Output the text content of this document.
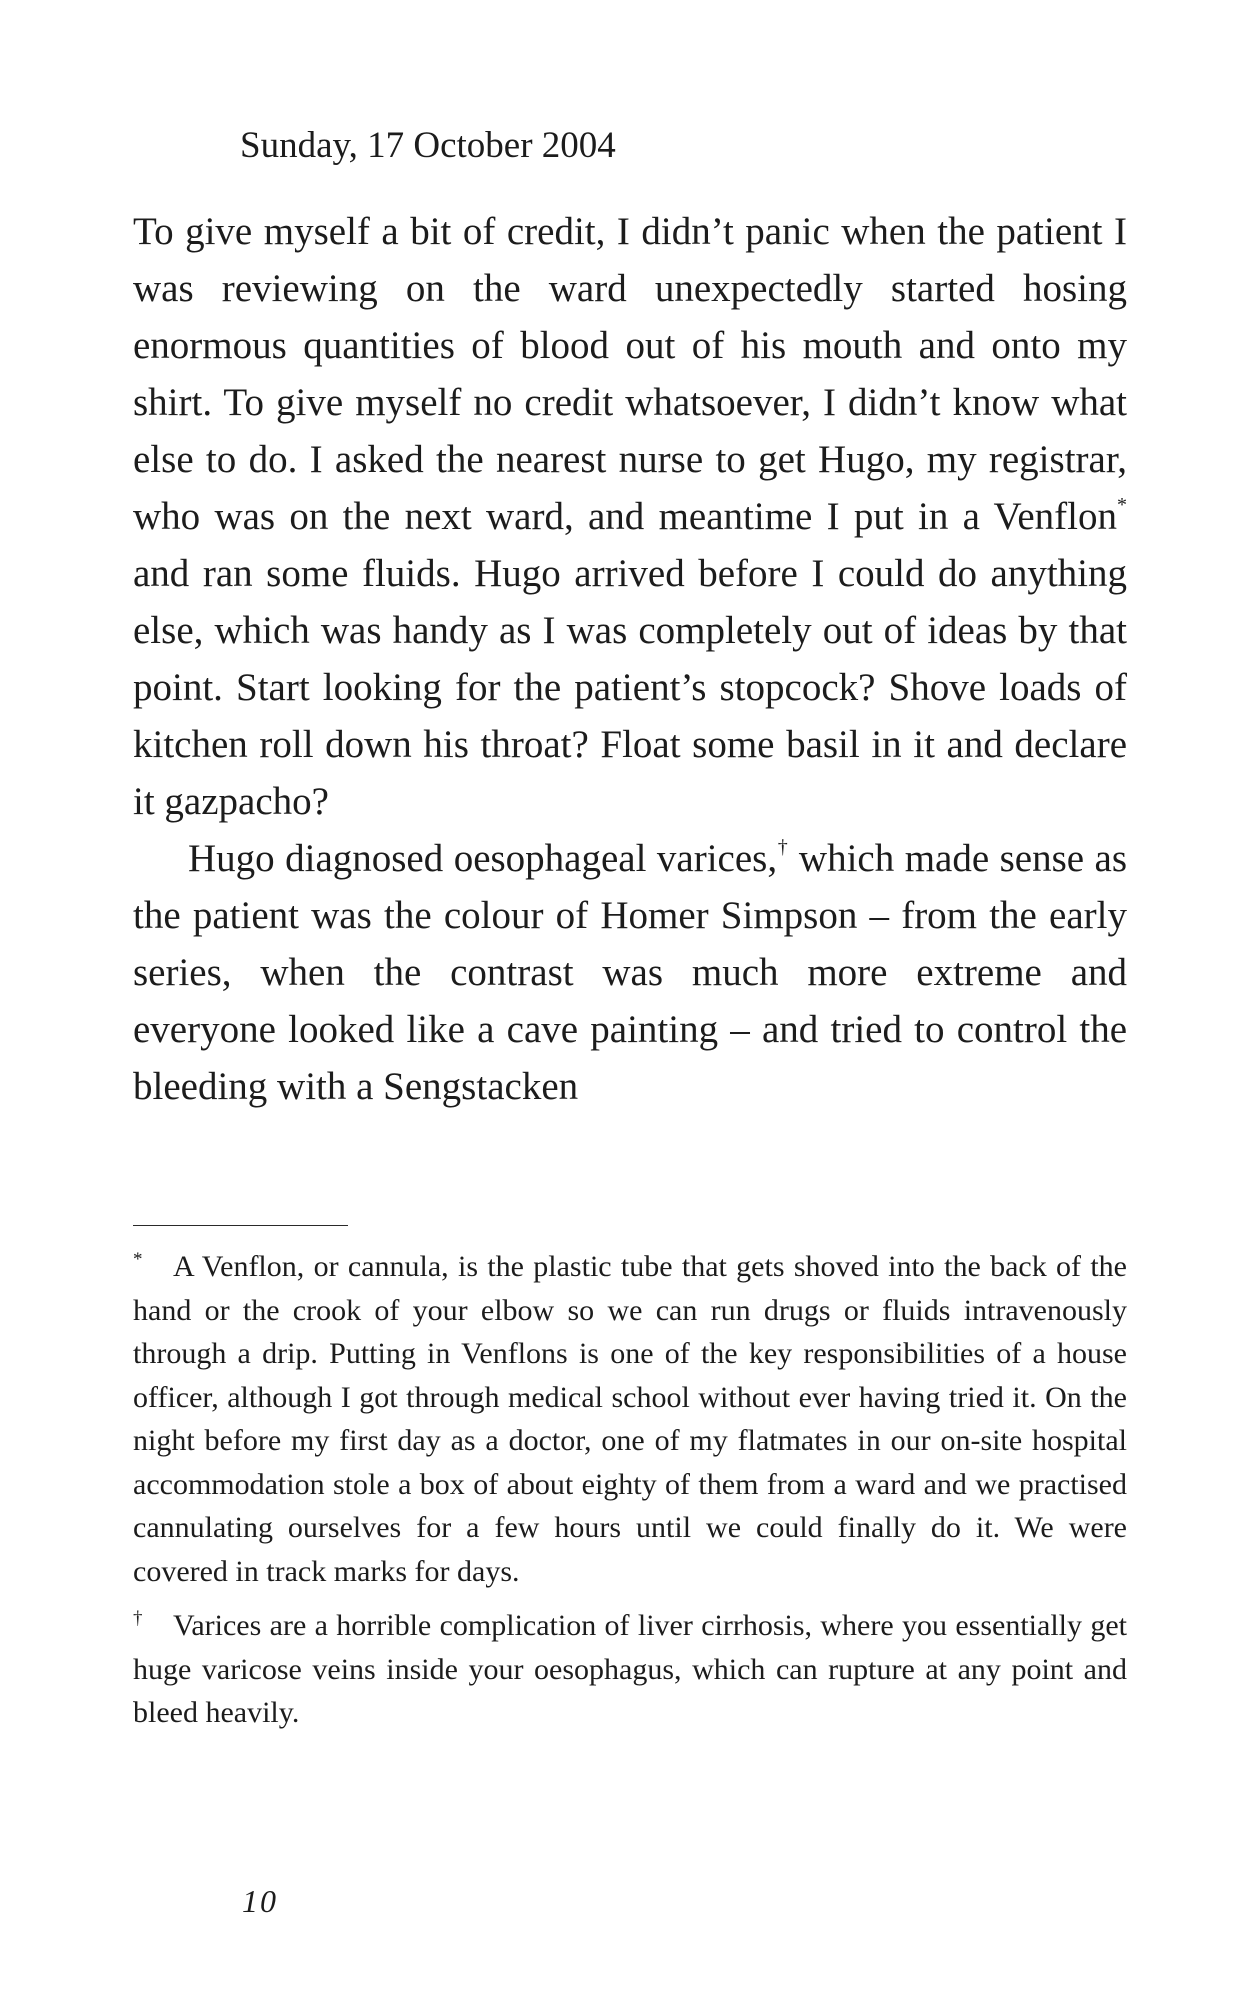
Sunday, 17 October 2004

To give myself a bit of credit, I didn’t panic when the patient I was reviewing on the ward unexpectedly started hosing enormous quantities of blood out of his mouth and onto my shirt. To give myself no credit whatsoever, I didn’t know what else to do. I asked the nearest nurse to get Hugo, my registrar, who was on the next ward, and meantime I put in a Venflon* and ran some fluids. Hugo arrived before I could do anything else, which was handy as I was completely out of ideas by that point. Start looking for the patient’s stopcock? Shove loads of kitchen roll down his throat? Float some basil in it and declare it gazpacho?

Hugo diagnosed oesophageal varices,† which made sense as the patient was the colour of Homer Simpson – from the early series, when the contrast was much more extreme and everyone looked like a cave painting – and tried to control the bleeding with a Sengstacken

* A Venflon, or cannula, is the plastic tube that gets shoved into the back of the hand or the crook of your elbow so we can run drugs or fluids intravenously through a drip. Putting in Venflons is one of the key responsibilities of a house officer, although I got through medical school without ever having tried it. On the night before my first day as a doctor, one of my flatmates in our on-site hospital accommodation stole a box of about eighty of them from a ward and we practised cannulating ourselves for a few hours until we could finally do it. We were covered in track marks for days.

† Varices are a horrible complication of liver cirrhosis, where you essentially get huge varicose veins inside your oesophagus, which can rupture at any point and bleed heavily.

10
